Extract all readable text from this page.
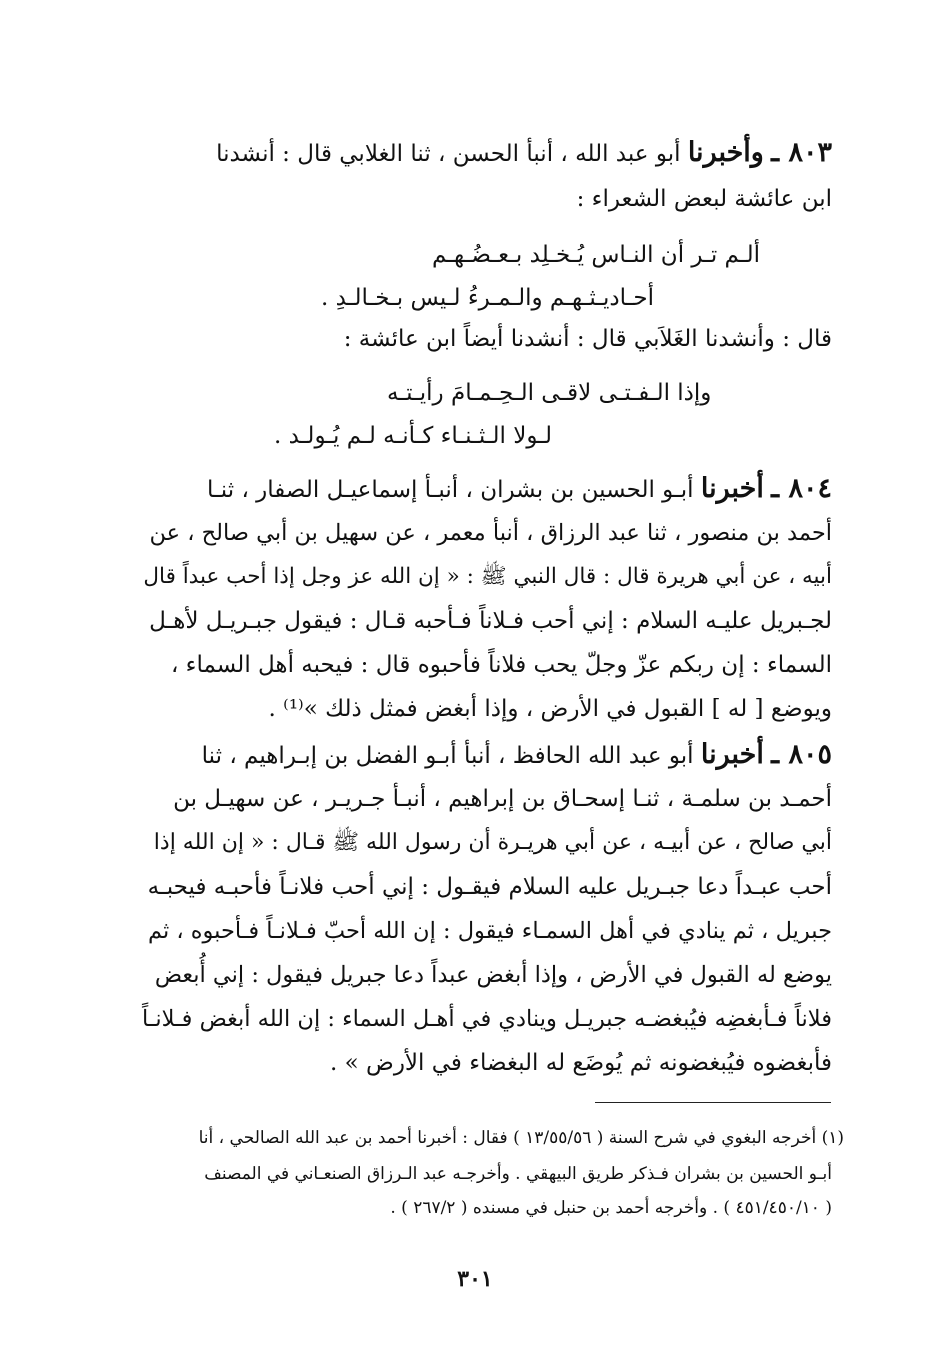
٨٠٣ ـ وأخبرنا أبو عبد الله ، أنبأ الحسن ، ثنا الغلابي قال : أنشدنا
ابن عائشة لبعض الشعراء :
ألـم تـر أن النـاس يُـخـلِد بـعـضُـهـم
أحـاديـثـهـم والـمـرءُ لـيس بـخـالـدِ .
قال : وأنشدنا الغَلاَبي قال : أنشدنا أيضاً ابن عائشة :
وإذا الـفـتـى لاقـى الـحِـمـامَ رأيـتـه
لـولا الـثـنـاء كـأنـه لـم يُـولـد .
٨٠٤ ـ أخبرنا أبـو الحسين بن بشران ، أنبـأ إسماعيـل الصفار ، ثنـا
أحمد بن منصور ، ثنا عبد الرزاق ، أنبأ معمر ، عن سهيل بن أبي صالح ، عن
أبيه ، عن أبي هريرة قال : قال النبي ﷺ : « إن الله عز وجل إذا أحب عبداً قال
لجـبريل عليـه السلام : إني أحب فـلاناً فـأحبه قـال : فيقول جبـريـل لأهـل
السماء : إن ربكم عزّ وجلّ يحب فلاناً فأحبوه قال : فيحبه أهل السماء ،
ويوضع [ له ] القبول في الأرض ، وإذا أبغض فمثل ذلك »⁽¹⁾ .
٨٠٥ ـ أخبرنا أبو عبد الله الحافظ ، أنبأ أبـو الفضل بن إبـراهيم ، ثنا
أحمـد بن سلمـة ، ثنـا إسحـاق بن إبراهيم ، أنبـأ جـريـر ، عن سهيـل بن
أبي صالح ، عن أبيـه ، عن أبي هريـرة أن رسول الله ﷺ قـال : « إن الله إذا
أحب عبـداً دعا جبـريل عليه السلام فيقـول : إني أحب فلانـاً فأحبـه فيحبـه
جبريل ، ثم ينادي في أهل السمـاء فيقول : إن الله أحبّ فـلانـاً فـأحبوه ، ثم
يوضع له القبول في الأرض ، وإذا أبغض عبداً دعا جبريل فيقول : إني أُبعض
فلاناً فـأبغضِه فيُبغضـه جبريـل وينادي في أهـل السماء : إن الله أبغض فـلانـاً
فأبغضوه فيُبغضونه ثم يُوضَع له البغضاء في الأرض » .
(١) أخرجه البغوي في شرح السنة ( ١٣/٥٥/٥٦ ) فقال : أخبرنا أحمد بن عبد الله الصالحي ، أنا
أبـو الحسين بن بشران فـذكر طريق البيهقي . وأخرجـه عبد الـرزاق الصنعـاني في المصنف
( ٤٥١/٤٥٠/١٠ ) . وأخرجه أحمد بن حنبل في مسنده ( ٢٦٧/٢ ) .
٣٠١
